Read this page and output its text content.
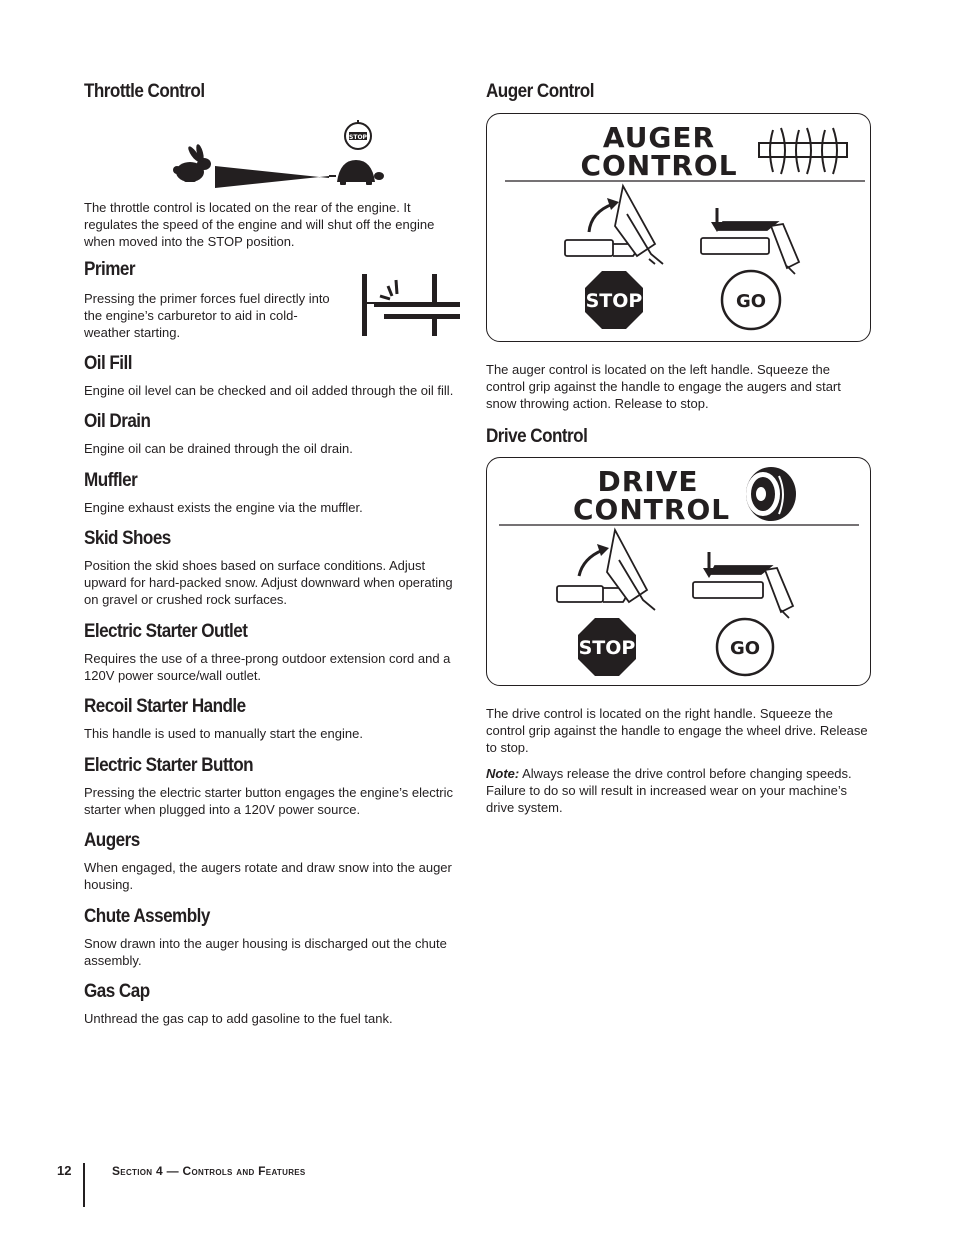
Throttle Control
STOP

The throttle control is located on the rear of the engine. It regulates the speed of the engine and will shut off the engine when moved into the STOP position.

Primer

Pressing the primer forces fuel directly into the engine’s carburetor to aid in cold-weather starting.

Oil Fill

Engine oil level can be checked and oil added through the oil fill.

Oil Drain

Engine oil can be drained through the oil drain.

Muffler

Engine exhaust exists the engine via the muffler.

Skid Shoes

Position the skid shoes based on surface conditions. Adjust upward for hard-packed snow. Adjust downward when operating on gravel or crushed rock surfaces.

Electric Starter Outlet

Requires the use of a three-prong outdoor extension cord and a 120V power source/wall outlet.

Recoil Starter Handle

This handle is used to manually start the engine.

Electric Starter Button

Pressing the electric starter button engages the engine’s electric starter when plugged into a 120V power source.

Augers

When engaged, the augers rotate and draw snow into the auger housing.

Chute Assembly

Snow drawn into the auger housing is discharged out the chute assembly.

Gas Cap

Unthread the gas cap to add gasoline to the fuel tank.

Auger Control
AUGER
CONTROL
STOP	GO

The auger control is located on the left handle. Squeeze the control grip against the handle to engage the augers and start snow throwing action. Release to stop.

Drive Control
DRIVE
CONTROL
STOP	GO

The drive control is located on the right handle. Squeeze the control grip against the handle to engage the wheel drive. Release to stop.

Note: Always release the drive control before changing speeds. Failure to do so will result in increased wear on your machine’s drive system.

12	Section 4 — Controls and Features
